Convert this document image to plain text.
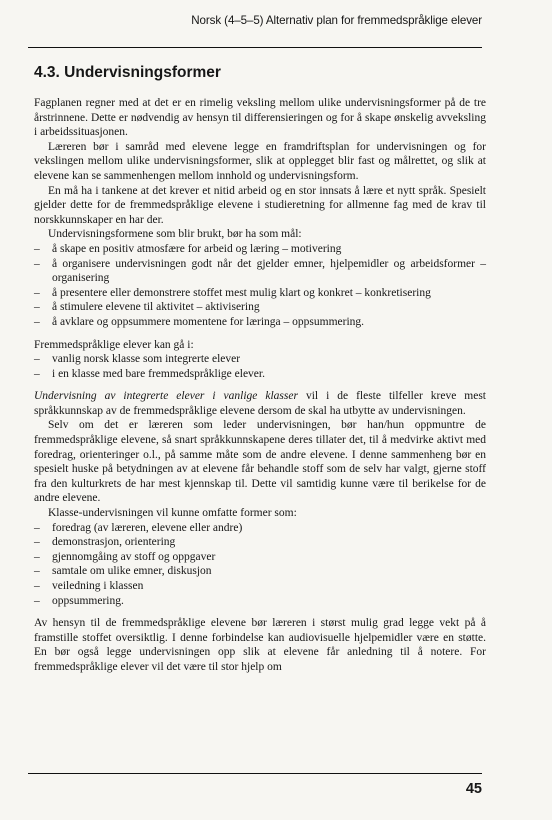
Norsk (4–5–5) Alternativ plan for fremmedspråklige elever
4.3. Undervisningsformer

Fagplanen regner med at det er en rimelig veksling mellom ulike undervisningsformer på de tre årstrinnene. Dette er nødvendig av hensyn til differensieringen og for å skape ønskelig avveksling i arbeidssituasjonen.

Læreren bør i samråd med elevene legge en framdriftsplan for undervisningen og for vekslingen mellom ulike undervisningsformer, slik at opplegget blir fast og målrettet, og slik at elevene kan se sammenhengen mellom innhold og undervisningsform.

En må ha i tankene at det krever et nitid arbeid og en stor innsats å lære et nytt språk. Spesielt gjelder dette for de fremmedspråklige elevene i studieretning for allmenne fag med de krav til norskkunnskaper en har der.

Undervisningsformene som blir brukt, bør ha som mål:

– å skape en positiv atmosfære for arbeid og læring – motivering
– å organisere undervisningen godt når det gjelder emner, hjelpemidler og arbeidsformer – organisering
– å presentere eller demonstrere stoffet mest mulig klart og konkret – konkretisering
– å stimulere elevene til aktivitet – aktivisering
– å avklare og oppsummere momentene for læringa – oppsummering.

Fremmedspråklige elever kan gå i:

– vanlig norsk klasse som integrerte elever
– i en klasse med bare fremmedspråklige elever.

Undervisning av integrerte elever i vanlige klasser vil i de fleste tilfeller kreve mest språkkunnskap av de fremmedspråklige elevene dersom de skal ha utbytte av undervisningen.

Selv om det er læreren som leder undervisningen, bør han/hun oppmuntre de fremmedspråklige elevene, så snart språkkunnskapene deres tillater det, til å medvirke aktivt med foredrag, orienteringer o.l., på samme måte som de andre elevene. I denne sammenheng bør en spesielt huske på betydningen av at elevene får behandle stoff som de selv har valgt, gjerne stoff fra den kulturkrets de har mest kjennskap til. Dette vil samtidig kunne være til berikelse for de andre elevene.

Klasse-undervisningen vil kunne omfatte former som:

– foredrag (av læreren, elevene eller andre)
– demonstrasjon, orientering
– gjennomgåing av stoff og oppgaver
– samtale om ulike emner, diskusjon
– veiledning i klassen
– oppsummering.

Av hensyn til de fremmedspråklige elevene bør læreren i størst mulig grad legge vekt på å framstille stoffet oversiktlig. I denne forbindelse kan audiovisuelle hjelpemidler være en støtte. En bør også legge undervisningen opp slik at elevene får anledning til å notere. For fremmedspråklige elever vil det være til stor hjelp om

45
